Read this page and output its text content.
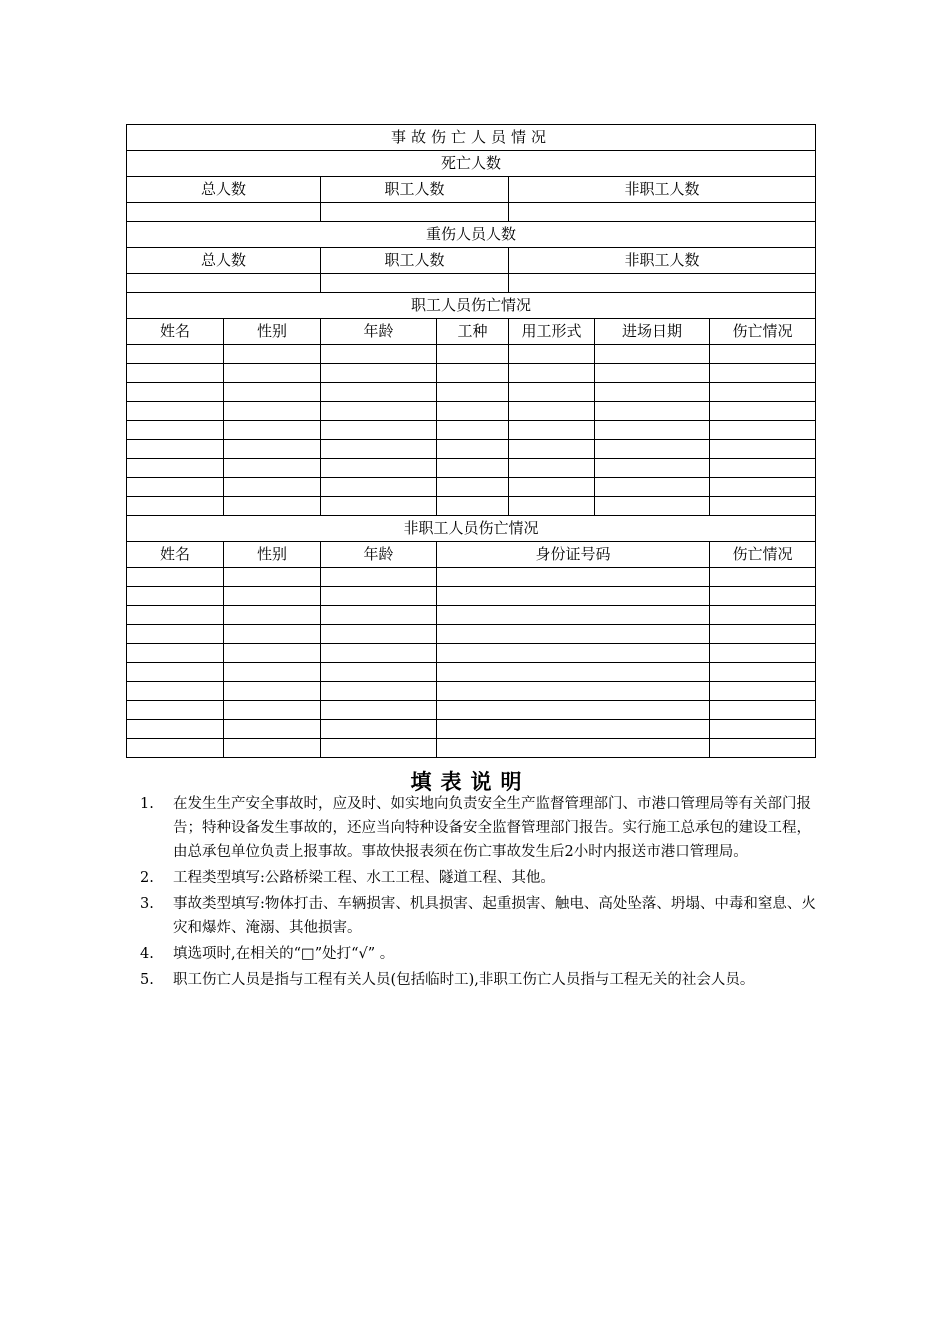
事故伤亡人员情况						
死亡人数						
总人数		职工人数		非职工人数		

重伤人员人数						
总人数		职工人数		非职工人数		

职工人员伤亡情况						
姓名	性别	年龄	工种	用工形式	进场日期	伤亡情况

非职工人员伤亡情况						
姓名	性别	年龄	身份证号码			伤亡情况

填表说明
1. 在发生生产安全事故时，应及时、如实地向负责安全生产监督管理部门、市港口管理局等有关部门报告；特种设备发生事故的，还应当向特种设备安全监督管理部门报告。实行施工总承包的建设工程，由总承包单位负责上报事故。事故快报表须在伤亡事故发生后2小时内报送市港口管理局。
2. 工程类型填写:公路桥梁工程、水工工程、隧道工程、其他。
3. 事故类型填写:物体打击、车辆损害、机具损害、起重损害、触电、高处坠落、坍塌、中毒和窒息、火灾和爆炸、淹溺、其他损害。
4. 填选项时,在相关的“□”处打“√” 。
5. 职工伤亡人员是指与工程有关人员(包括临时工),非职工伤亡人员指与工程无关的社会人员。
